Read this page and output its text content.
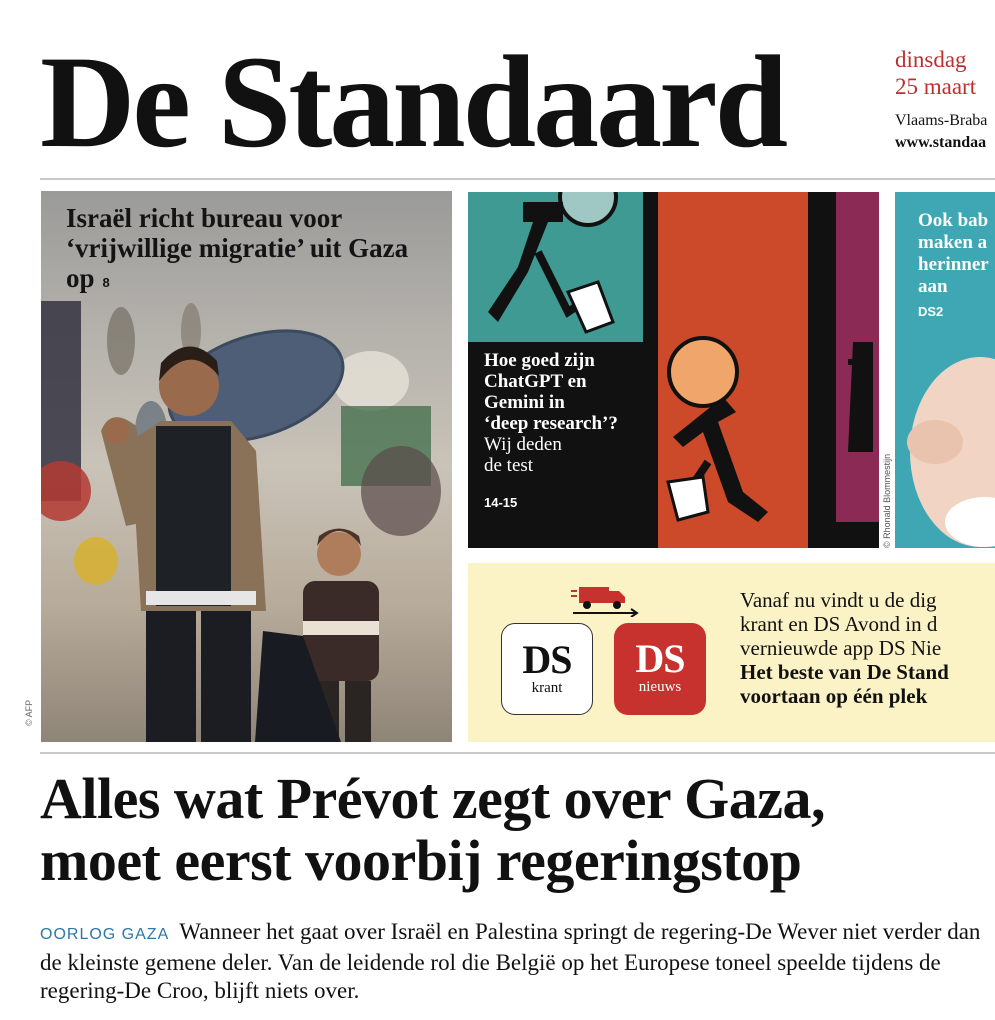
De Standaard	dinsdag
25 maart
Vlaams-Braba
www.standaa
Israël richt bureau voor ‘vrijwillige migratie’ uit Gaza op 8
© AFP
Hoe goed zijn
ChatGPT en
Gemini in
‘deep research’?
Wij deden
de test
14-15	© Rhonald Blommestijn
Ook bab
maken a
herinner
aan
DS2
DS
krant
DS
nieuws
Vanaf nu vindt u de dig
krant en DS Avond in d
vernieuwde app DS Nie
Het beste van De Stand
voortaan op één plek
Alles wat Prévot zegt over Gaza,
moet eerst voorbij regeringstop
OORLOG GAZA Wanneer het gaat over Israël en Palestina springt de regering-De Wever niet verder dan de kleinste gemene deler. Van de leidende rol die België op het Europese toneel speelde tijdens de regering-De Croo, blijft niets over.
